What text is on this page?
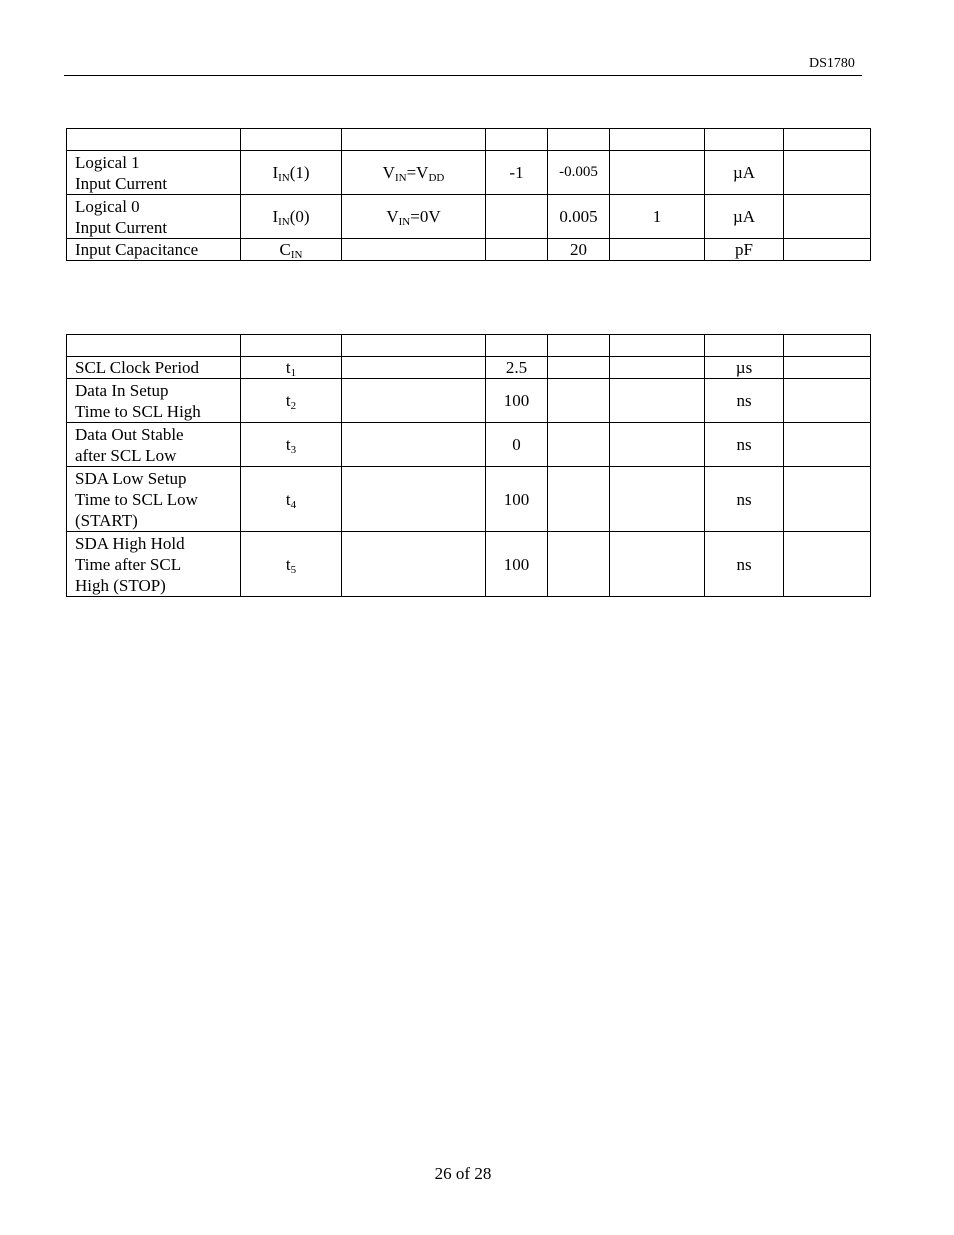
DS1780

Logical 1
Input Current	$I_{IN}(1)$	$V_{IN}=V_{DD}$	-1	-0.005		µA	
Logical 0
Input Current	$I_{IN}(0)$	$V_{IN}=0V$		0.005	1	µA	
Input Capacitance	$C_{IN}$			20		pF	

SCL Clock Period	$t_1$		2.5			µs	
Data In Setup
Time to SCL High	$t_2$		100			ns	
Data Out Stable
after SCL Low	$t_3$		0			ns	
SDA Low Setup
Time to SCL Low
(START)	$t_4$		100			ns	
SDA High Hold
Time after SCL
High (STOP)	$t_5$		100			ns	
26 of 28
